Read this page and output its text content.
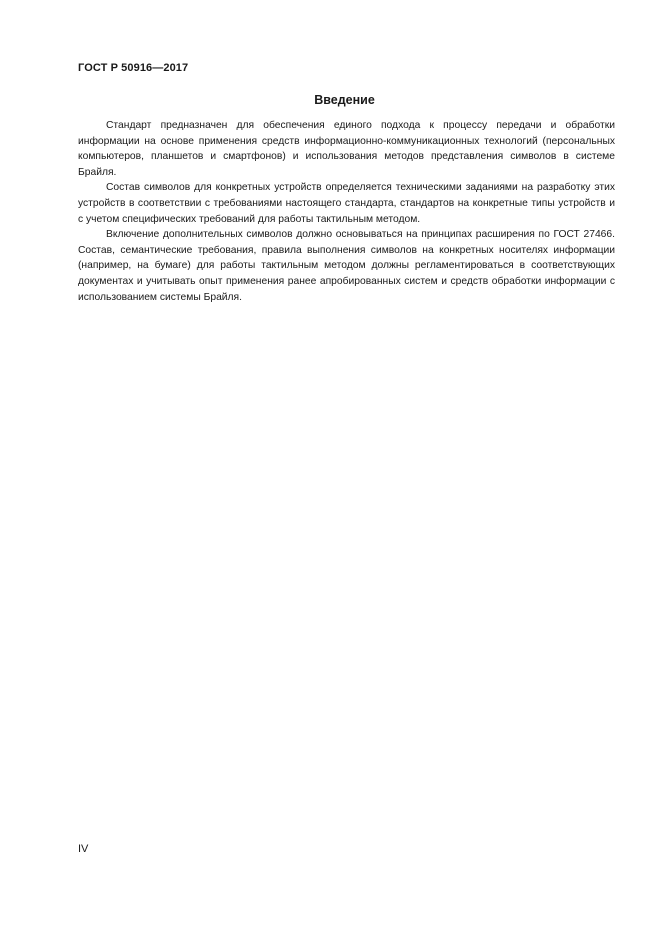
ГОСТ Р 50916—2017
Введение

Стандарт предназначен для обеспечения единого подхода к процессу передачи и обработки информации на основе применения средств информационно-коммуникационных технологий (персональных компьютеров, планшетов и смартфонов) и использования методов представления символов в системе Брайля.

Состав символов для конкретных устройств определяется техническими заданиями на разработку этих устройств в соответствии с требованиями настоящего стандарта, стандартов на конкретные типы устройств и с учетом специфических требований для работы тактильным методом.

Включение дополнительных символов должно основываться на принципах расширения по ГОСТ 27466. Состав, семантические требования, правила выполнения символов на конкретных носителях информации (например, на бумаге) для работы тактильным методом должны регламентироваться в соответствующих документах и учитывать опыт применения ранее апробированных систем и средств обработки информации с использованием системы Брайля.

IV
